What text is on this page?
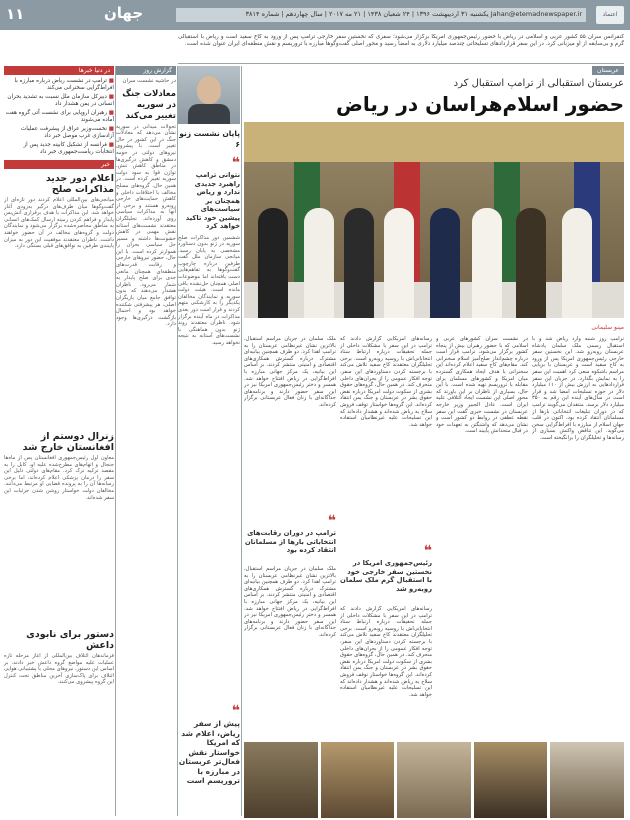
۱۱	جهان	Jahan@etemadnewspaper.ir یکشنبه ۳۱ اردیبهشت ۱۳۹۶ | ۲۴ شعبان ۱۴۳۸ | ۲۱ مه ۲۰۱۷ | سال چهاردهم | شماره ۳۸۱۴	اعتماد
کنفرانس سران ۵۵ کشور عربی و اسلامی در ریاض با حضور رئیس‌جمهوری امریکا برگزار می‌شود؛ سفری که نخستین سفر خارجی ترامپ پس از ورود به کاخ سفید است و ریاض با استقبالی گرم و بی‌سابقه از او میزبانی کرد. در این سفر قراردادهای تسلیحاتی چندصد میلیارد دلاری به امضا رسید و محور اصلی گفت‌وگوها مبارزه با تروریسم و نقش منطقه‌ای ایران عنوان شده است.
در دنیا خبرها
■ ترامپ در نشست ریاض درباره مبارزه با افراط‌گرایی سخنرانی می‌کند
■ دبیرکل سازمان ملل نسبت به تشدید بحران انسانی در یمن هشدار داد
■ رهبران اروپایی برای نشست آتی گروه هفت آماده می‌شوند
■ نخست‌وزیر عراق از پیشرفت عملیات آزادسازی غرب موصل خبر داد
■ فرانسه از تشکیل کابینه جدید پس از انتخابات ریاست‌جمهوری خبر داد
خبر
اعلام دور جدید مذاکرات صلح
میانجی‌های بین‌المللی اعلام کردند دور تازه‌ای از گفت‌وگوها میان طرف‌های درگیر به‌زودی آغاز خواهد شد. این مذاکرات با هدف برقراری آتش‌بس پایدار و فراهم کردن زمینه ارسال کمک‌های انسانی به مناطق محاصره‌شده برگزار می‌شود و نمایندگان دولت و گروه‌های مخالف در آن حضور خواهند داشت. ناظران معتقدند موفقیت این دور به میزان پایبندی طرفین به توافق‌های قبلی بستگی دارد.
زنرال دوستم از افغانستان خارج شد
معاون اول رئیس‌جمهوری افغانستان پس از ماه‌ها جنجال و اتهام‌های مطرح‌شده علیه او، کابل را به مقصد ترکیه ترک کرد. مقام‌های دولتی دلیل این سفر را درمان پزشکی اعلام کرده‌اند، اما برخی رسانه‌ها آن را به پرونده قضایی او مرتبط می‌دانند. مخالفان دولت خواستار روشن شدن جزئیات این سفر شده‌اند.
دستور برای نابودی داعش
فرماندهان ائتلاف بین‌المللی از آغاز مرحله تازه عملیات علیه مواضع گروه داعش خبر دادند. بر اساس این دستور، نیروهای محلی با پشتیبانی هوایی ائتلاف برای پاک‌سازی آخرین مناطق تحت کنترل این گروه پیشروی می‌کنند.
گزارش روز
در حاشیه نشست سران
معادلات جنگ در سوریه تغییر می‌کند
تحولات میدانی در سوریه نشان می‌دهد که معادلات جنگ در این کشور در حال تغییر است. با پیشروی نیروهای دولتی در حومه دمشق و کاهش درگیری‌ها در مناطق کاهش تنش، توازن قوا به سود دولت سوریه تغییر کرده است. در همین حال، گروه‌های مسلح مخالف با اختلافات داخلی و کاهش حمایت‌های خارجی روبه‌رو هستند و برخی از آنها به مذاکرات سیاسی روی آورده‌اند. تحلیلگران معتقدند نشست‌های آستانه نقش مهمی در کاهش خشونت‌ها داشته و مسیر حل سیاسی بحران را هموارتر کرده است. با این حال، حضور نیروهای خارجی و رقابت قدرت‌های منطقه‌ای همچنان مانعی جدی برای صلح پایدار به شمار می‌رود. ناظران هشدار می‌دهند که بدون توافق جامع میان بازیگران اصلی، هر پیشرفتی شکننده خواهد بود و احتمال بازگشت درگیری‌ها وجود دارد.
پایان نشست زنو ۶
❝
نتوانی ترامپ راهبرد جدیدی ندارد و ریاض همچنان بر سیاست‌های پیشین خود تاکید خواهد کرد
ششمین دور مذاکرات صلح سوریه در ژنو بدون دستاورد مشخصی به پایان رسید. میانجی سازمان ملل گفت طرفین درباره چارچوب گفت‌وگوها به تفاهم‌هایی دست یافته‌اند اما موضوعات اصلی همچنان حل‌نشده باقی مانده است. هیئت دولت سوریه و نمایندگان مخالفان یکدیگر را به کارشکنی متهم کردند و قرار است دور بعدی مذاکرات در ماه آینده برگزار شود. ناظران معتقدند روند ژنو بدون هماهنگی با نشست‌های آستانه به نتیجه نخواهد رسید.
❝
پیش از سفر ریاض، اعلام شد که امریکا خواستار نقش فعال‌تر عربستان در مبارزه با تروریسم است
عربستان
عربستان استقبالی از ترامپ استقبال کرد
حضور اسلام‌هراسان در ریاض
مینو سلیمانی
ترامپ روز شنبه وارد ریاض شد و با استقبال رسمی ملک سلمان پادشاه عربستان روبه‌رو شد. این نخستین سفر خارجی رئیس‌جمهوری امریکا پس از ورود به کاخ سفید است و عربستان با برپایی مراسم باشکوه سعی کرد اهمیت این سفر را به نمایش بگذارد. در جریان این سفر قراردادهایی به ارزش بیش از ۱۱۰ میلیارد دلار در حوزه تسلیحات امضا شد و قرار است در سال‌های آینده این رقم به ۳۵۰ میلیارد دلار برسد. منتقدان می‌گویند ترامپ که در دوران تبلیغات انتخاباتی بارها از مسلمانان انتقاد کرده بود، اکنون در قلب جهان اسلام از مبارزه با افراط‌گرایی سخن می‌گوید. این تناقض واکنش بسیاری از رسانه‌ها و تحلیلگران را برانگیخته است.
در نشست سران کشورهای عربی و اسلامی که با حضور رهبران بیش از پنجاه کشور برگزار می‌شود، ترامپ قرار است درباره چشم‌انداز صلح‌آمیز اسلام سخنرانی کند. مقام‌های کاخ سفید اعلام کرده‌اند این سخنرانی با هدف ایجاد همکاری گسترده میان امریکا و کشورهای مسلمان برای مقابله با تروریسم تهیه شده است. با این حال، بسیاری از ناظران بر این باورند که محور اصلی این نشست ایجاد ائتلافی علیه ایران است. عادل الجبیر وزیر خارجه عربستان در نشست خبری گفت این سفر نقطه عطفی در روابط دو کشور است و نشان می‌دهد که واشنگتن به تعهدات خود در قبال متحدانش پایبند است.
رسانه‌های امریکایی گزارش دادند که ترامپ در این سفر با مشکلات داخلی از جمله تحقیقات درباره ارتباط ستاد انتخاباتی‌اش با روسیه روبه‌رو است. برخی تحلیلگران معتقدند کاخ سفید تلاش می‌کند با برجسته کردن دستاوردهای این سفر، توجه افکار عمومی را از بحران‌های داخلی منحرف کند. در همین حال، گروه‌های حقوق بشری از سکوت دولت امریکا درباره نقض حقوق بشر در عربستان و جنگ یمن انتقاد کرده‌اند. این گروه‌ها خواستار توقف فروش سلاح به ریاض شده‌اند و هشدار داده‌اند که این تسلیحات علیه غیرنظامیان استفاده خواهد شد.
❝
رئیس‌جمهوری امریکا در نخستین سفر خارجی خود با استقبال گرم ملک سلمان روبه‌رو شد
رسانه‌های امریکایی گزارش دادند که ترامپ در این سفر با مشکلات داخلی از جمله تحقیقات درباره ارتباط ستاد انتخاباتی‌اش با روسیه روبه‌رو است. برخی تحلیلگران معتقدند کاخ سفید تلاش می‌کند با برجسته کردن دستاوردهای این سفر، توجه افکار عمومی را از بحران‌های داخلی منحرف کند. در همین حال، گروه‌های حقوق بشری از سکوت دولت امریکا درباره نقض حقوق بشر در عربستان و جنگ یمن انتقاد کرده‌اند. این گروه‌ها خواستار توقف فروش سلاح به ریاض شده‌اند و هشدار داده‌اند که این تسلیحات علیه غیرنظامیان استفاده خواهد شد.
ملک سلمان در جریان مراسم استقبال، بالاترین نشان غیرنظامی عربستان را به ترامپ اهدا کرد. دو طرف همچنین بیانیه‌ای مشترک درباره گسترش همکاری‌های اقتصادی و امنیتی منتشر کردند. بر اساس این بیانیه، یک مرکز جهانی مبارزه با افراط‌گرایی در ریاض افتتاح خواهد شد. همسر و دختر رئیس‌جمهوری امریکا نیز در این سفر حضور دارند و برنامه‌های جداگانه‌ای با زنان فعال عربستانی برگزار کرده‌اند.
❝
ترامپ در دوران رقابت‌های انتخاباتی بارها از مسلمانان انتقاد کرده بود
ملک سلمان در جریان مراسم استقبال، بالاترین نشان غیرنظامی عربستان را به ترامپ اهدا کرد. دو طرف همچنین بیانیه‌ای مشترک درباره گسترش همکاری‌های اقتصادی و امنیتی منتشر کردند. بر اساس این بیانیه، یک مرکز جهانی مبارزه با افراط‌گرایی در ریاض افتتاح خواهد شد. همسر و دختر رئیس‌جمهوری امریکا نیز در این سفر حضور دارند و برنامه‌های جداگانه‌ای با زنان فعال عربستانی برگزار کرده‌اند.
